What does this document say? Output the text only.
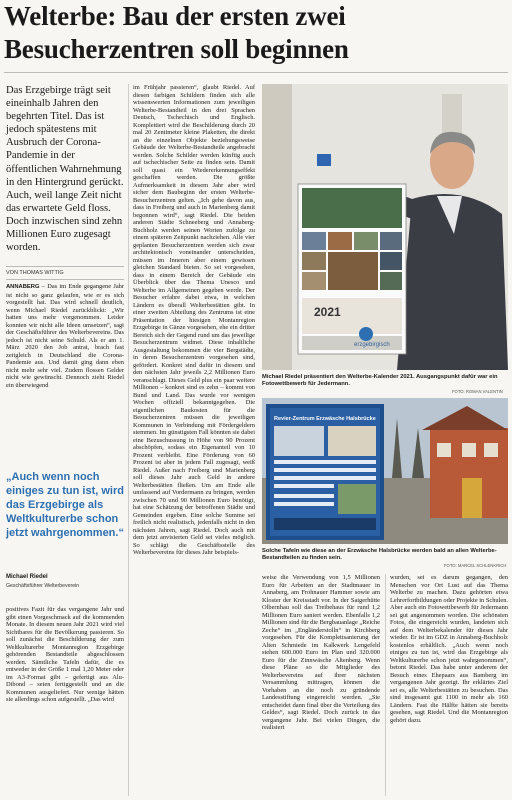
Welterbe: Bau der ersten zwei
Besucherzentren soll beginnen
Das Erzgebirge trägt seit eineinhalb Jahren den begehrten Titel. Das ist jedoch spätestens mit Ausbruch der Corona-Pandemie in der öffentlichen Wahrnehmung in den Hintergrund gerückt. Auch, weil lange Zeit nicht das erwartete Geld floss. Doch inzwischen sind zehn Millionen Euro zugesagt worden.
VON THOMAS WITTIG

ANNABERG – Das im Ende gegangene Jahr ist nicht so ganz gelaufen, wie er es sich vorgestellt hat. Das wird schnell deutlich, wenn Michael Riedel zurückblickt: „Wir hatten uns mehr vorgenommen. Leider konnten wir nicht alle Ideen umsetzen“, sagt der Geschäftsführer des Welterbevereins. Das jedoch ist nicht seine Schuld. Als er am 1. März 2020 den Job antrat, brach fast zeitgleich in Deutschland die Corona-Pandemie aus. Und damit ging dann eben nicht mehr sehr viel. Zudem flossen Gelder nicht wie gewünscht. Dennoch zieht Riedel ein überwiegend

„Auch wenn noch einiges zu tun ist, wird das Erzgebirge als Weltkulturerbe schon jetzt wahrgenommen.“
Michael Riedel
Geschäftsführer Welterbeverein
positives Fazit für das vergangene Jahr und gibt einen Vorgeschmack auf die kommenden Monate. In diesem neuen Jahr 2021 wird viel Sichtbares für die Bevölkerung passieren. So soll zunächst die Beschilderung der zum Weltkulturerbe Montanregion Erzgebirge gehörenden Bestandteile abgeschlossen werden. Sämtliche Tafeln dafür, die es entweder in der Größe 1 mal 1,20 Meter oder im A3-Format gibt – gefertigt aus Alu-Dibond – seien fertiggestellt und an die Kommunen ausgeliefert. Nur wenige hätten sie allerdings schon aufgestellt. „Das wird
im Frühjahr passieren“, glaubt Riedel. Auf diesen farbigen Schildern finden sich alle wissenswerten Informationen zum jeweiligen Welterbe-Bestandteil in den drei Sprachen Deutsch, Tschechisch und Englisch. Komplettiert wird die Beschilderung durch 20 mal 20 Zentimeter kleine Plaketten, die direkt an die einzelnen Objekte beziehungsweise Gebäude der Welterbe-Bestandteile angebracht werden. Solche Schilder werden künftig auch auf tschechischer Seite zu finden sein. Damit soll quasi ein Wiedererkennungseffekt geschaffen werden. Die größte Aufmerksamkeit in diesem Jahr aber wird sicher dem Baubeginn der ersten Welterbe-Besucherzentren gelten. „Ich gehe davon aus, dass in Freiberg und auch in Marienberg damit begonnen wird“, sagt Riedel. Die beiden anderen Städte Schneeberg und Annaberg-Buchholz werden seinen Worten zufolge zu einem späteren Zeitpunkt nachziehen. Alle vier geplanten Besucherzentren werden sich zwar architektonisch voneinander unterscheiden, müssen im Inneren aber einem gewissen gleichen Standard bieten. So sei vorgesehen, dass in einem Bereich der Gebäude ein Überblick über das Thema Unesco und Welterbe im Allgemeinen gegeben werde. Der Besucher erfahre dabei etwa, in welchen Ländern es überall Welterbestätten gibt. In einer zweiten Abteilung des Zentrums ist eine Präsentation der hiesigen Montanregion Erzgebirge in Gänze vorgesehen, ehe ein dritter Bereich sich der Gegend rund um das jeweilige Besucherzentrum widmet. Diese inhaltliche Ausgestaltung bekommen die vier Bergstädte, in deren Besucherzentren vorgesehen sind, gefördert. Konkret sind dafür in diesem und den nächsten Jahr jeweils 2,2 Millionen Euro veranschlagt. Dieses Geld plus ein paar weitere Millionen – konkret sind es zehn – kommt von Bund und Land. Das wurde vor wenigen Wochen offiziell bekanntgegeben. Die eigentlichen Baukosten für die Besucherzentren müssen die jeweiligen Kommunen in Verbindung mit Fördergeldern stemmen. Im günstigsten Fall könnten sie dabei eine Bezuschussung in Höhe von 90 Prozent abschöpfen, sodass ein Eigenanteil von 10 Prozent verbleibt. Eine Förderung von 60 Prozent ist aber in jedem Fall zugesagt, weiß Riedel. Außer nach Freiberg und Marienberg soll dieses Jahr auch Geld in andere Welterbestätten fließen. Um am Ende alle umfassend auf Vordermann zu bringen, werden zwischen 70 und 90 Millionen Euro benötigt, hat eine Schätzung der betroffenen Städte und Gemeinden ergeben. Eine solche Summe sei freilich nicht realistisch, jedenfalls nicht in den nächsten Jahren, sagt Riedel. Doch auch mit dem jetzt anvisierten Geld sei vieles möglich. So schlägt die Geschäftsstelle des Welterbevereins für dieses Jahr beispiels-
2021
erzgebirgisch
Michael Riedel präsentiert den Welterbe-Kalender 2021. Ausgangspunkt dafür war ein Fotowettbewerb für Jedermann.
FOTO: ROMAN VALENTIN
Revier-Zentrum Erzwäsche Halsbrücke
Solche Tafeln wie diese an der Erzwäsche Halsbrücke werden bald an allen Welterbe-Bestandteilen zu finden sein.
FOTO: MARCEL SCHLENKRICH
weise die Verwendung von 1,5 Millionen Euro für Arbeiten an der Stadtmauer in Annaberg, am Frohnauer Hammer sowie am Kloster der Kreisstadt vor. In der Saigerhütte Olbernhau soll das Treibehaus für rund 1,2 Millionen Euro saniert werden. Ebenfalls 1,2 Millionen sind für die Bergbauanlage „Reiche Zeche“ im „Engländerstolln“ in Kirchberg vorgesehen. Für die Komplettsanierung der Alten Schmiede im Kalkwerk Lengefeld stehen 600.000 Euro im Plan und 320.000 Euro für die Zinnwäsche Altenberg. Wenn diese Pläne so die Mitglieder des Welterbevereins auf ihrer nächsten Versammlung mittragen, können die Vorhaben an die noch zu gründende Landesstiftung eingereicht werden. „Sie entscheidet dann final über die Verteilung des Geldes“, sagt Riedel. Doch zurück in das vergangene Jahr. Bei vielen Dingen, die realisiert
wurden, sei es darum gegangen, den Menschen vor Ort Lust auf das Thema Welterbe zu machen. Dazu gehörten etwa Lehrerfortbildungen oder Projekte in Schulen. Aber auch ein Fotowettbewerb für Jedermann sei gut angenommen worden. Die schönsten Fotos, die eingereicht wurden, landeten sich auf dem Welterbekalender für dieses Jahr wieder. Er ist im GDZ in Annaberg-Buchholz kostenlos erhältlich. „Auch wenn noch einiges zu tun ist, wird das Erzgebirge als Weltkulturerbe schon jetzt wahrgenommen“, betont Riedel. Das habe unter anderem der Besuch eines Ehepaars aus Bamberg im vergangenen Jahr gezeigt. Ihr erklärtes Ziel sei es, alle Welterbestätten zu besuchen. Das sind insgesamt gut 1100 in mehr als 160 Ländern. Fast die Hälfte hätten sie bereits gesehen, sagt Riedel. Und die Montanregion gehört dazu.
